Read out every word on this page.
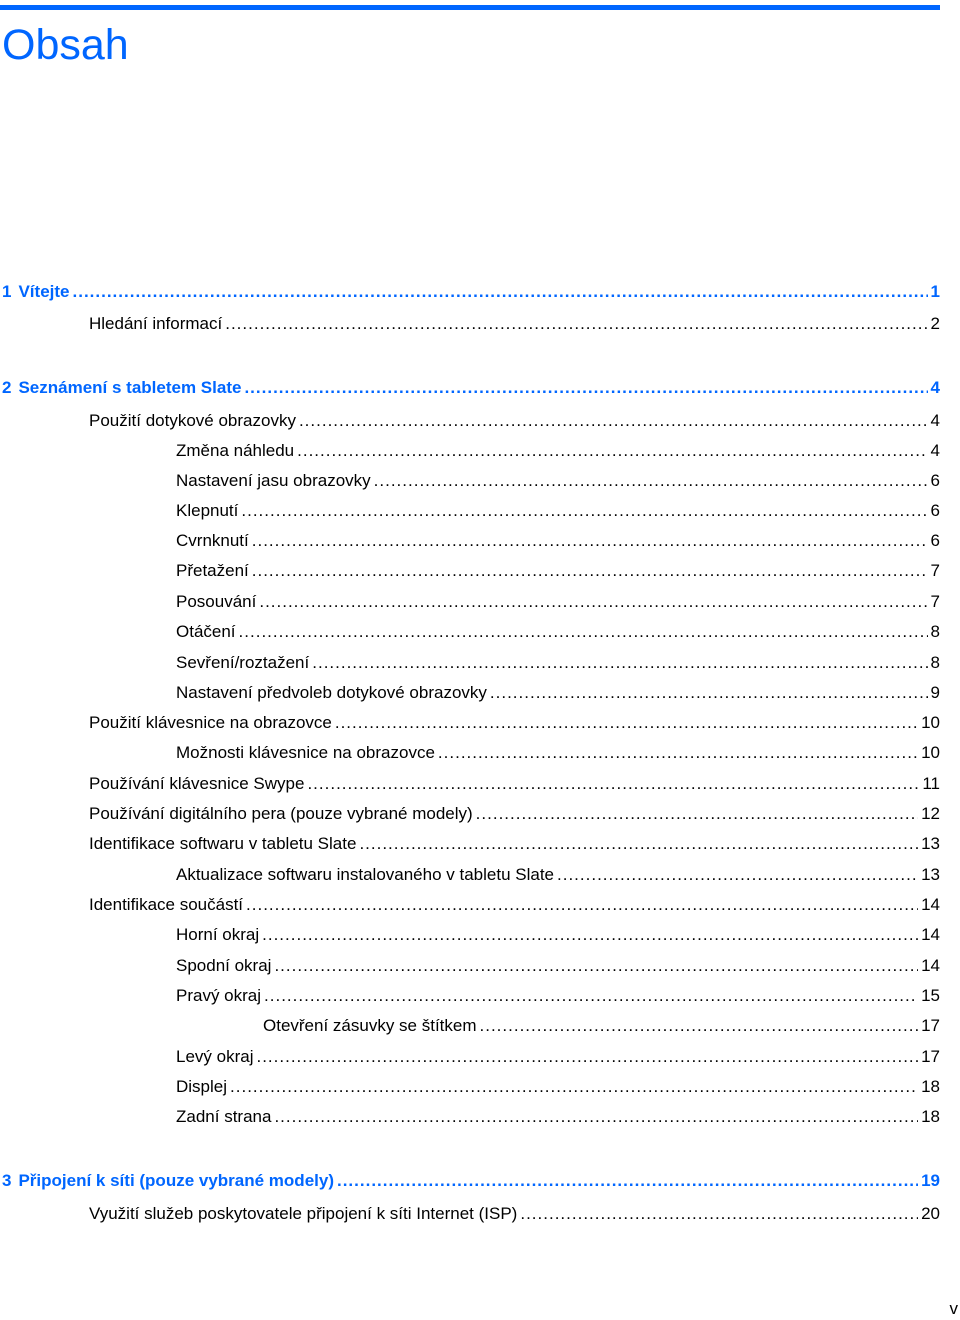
Obsah
1 Vítejte .....	1
Hledání informací .....	2
2 Seznámení s tabletem Slate .....	4
Použití dotykové obrazovky .....	4
Změna náhledu .....	4
Nastavení jasu obrazovky .....	6
Klepnutí .....	6
Cvrnknutí .....	6
Přetažení .....	7
Posouvání .....	7
Otáčení .....	8
Sevření/roztažení .....	8
Nastavení předvoleb dotykové obrazovky .....	9
Použití klávesnice na obrazovce .....	10
Možnosti klávesnice na obrazovce .....	10
Používání klávesnice Swype .....	11
Používání digitálního pera (pouze vybrané modely) .....	12
Identifikace softwaru v tabletu Slate .....	13
Aktualizace softwaru instalovaného v tabletu Slate .....	13
Identifikace součástí .....	14
Horní okraj .....	14
Spodní okraj .....	14
Pravý okraj .....	15
Otevření zásuvky se štítkem .....	17
Levý okraj .....	17
Displej .....	18
Zadní strana .....	18
3 Připojení k síti (pouze vybrané modely) .....	19
Využití služeb poskytovatele připojení k síti Internet (ISP) .....	20
v
